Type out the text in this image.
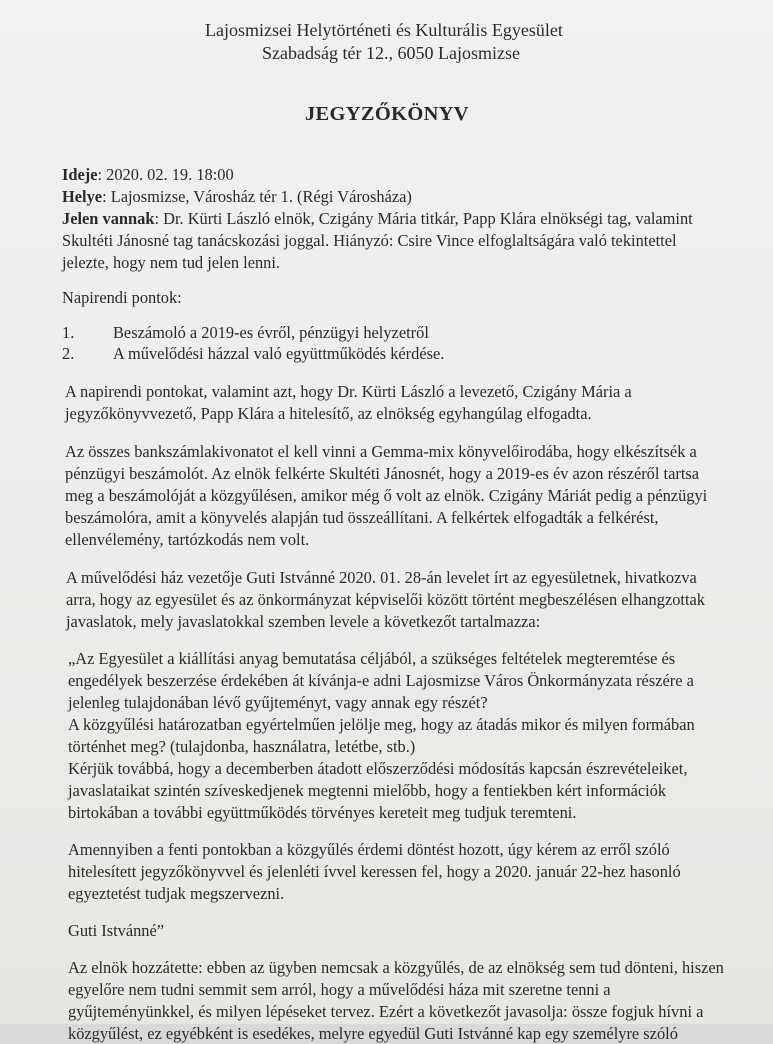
Lajosmizsei Helytörténeti és Kulturális Egyesület
Szabadság tér 12., 6050 Lajosmizse
JEGYZŐKÖNYV
Ideje: 2020. 02. 19. 18:00
Helye: Lajosmizse, Városház tér 1. (Régi Városháza)
Jelen vannak: Dr. Kürti László elnök, Czigány Mária titkár, Papp Klára elnökségi tag, valamint
Skultéti Jánosné tag tanácskozási joggal. Hiányzó: Csire Vince elfoglaltságára való tekintettel
jelezte, hogy nem tud jelen lenni.
Napirendi pontok:
1. Beszámoló a 2019-es évről, pénzügyi helyzetről
2. A művelődési házzal való együttműködés kérdése.
A napirendi pontokat, valamint azt, hogy Dr. Kürti László a levezető, Czigány Mária a
jegyzőkönyvvezető, Papp Klára a hitelesítő, az elnökség egyhangúlag elfogadta.
Az összes bankszámlakivonatot el kell vinni a Gemma-mix könyvelőirodába, hogy elkészítsék a
pénzügyi beszámolót. Az elnök felkérte Skultéti Jánosnét, hogy a 2019-es év azon részéről tartsa
meg a beszámolóját a közgyűlésen, amikor még ő volt az elnök. Czigány Máriát pedig a pénzügyi
beszámolóra, amit a könyvelés alapján tud összeállítani. A felkértek elfogadták a felkérést,
ellenvélemény, tartózkodás nem volt.
A művelődési ház vezetője Guti Istvánné 2020. 01. 28-án levelet írt az egyesületnek, hivatkozva
arra, hogy az egyesület és az önkormányzat képviselői között történt megbeszélésen elhangzottak
javaslatok, mely javaslatokkal szemben levele a következőt tartalmazza:
„Az Egyesület a kiállítási anyag bemutatása céljából, a szükséges feltételek megteremtése és
engedélyek beszerzése érdekében át kívánja-e adni Lajosmizse Város Önkormányzata részére a
jelenleg tulajdonában lévő gyűjteményt, vagy annak egy részét?
A közgyűlési határozatban egyértelműen jelölje meg, hogy az átadás mikor és milyen formában
történhet meg? (tulajdonba, használatra, letétbe, stb.)
Kérjük továbbá, hogy a decemberben átadott előszerződési módosítás kapcsán észrevételeiket,
javaslataikat szintén szíveskedjenek megtenni mielőbb, hogy a fentiekben kért információk
birtokában a további együttműködés törvényes kereteit meg tudjuk teremteni.
Amennyiben a fenti pontokban a közgyűlés érdemi döntést hozott, úgy kérem az erről szóló
hitelesített jegyzőkönyvvel és jelenléti ívvel keressen fel, hogy a 2020. január 22-hez hasonló
egyeztetést tudjak megszervezni.
Guti Istvánné”
Az elnök hozzátette: ebben az ügyben nemcsak a közgyűlés, de az elnökség sem tud dönteni, hiszen
egyelőre nem tudni semmit sem arról, hogy a művelődési háza mit szeretne tenni a
gyűjteményünkkel, és milyen lépéseket tervez. Ezért a következőt javasolja: össze fogjuk hívni a
közgyűlést, ez egyébként is esedékes, melyre egyedül Guti Istvánné kap egy személyre szóló
